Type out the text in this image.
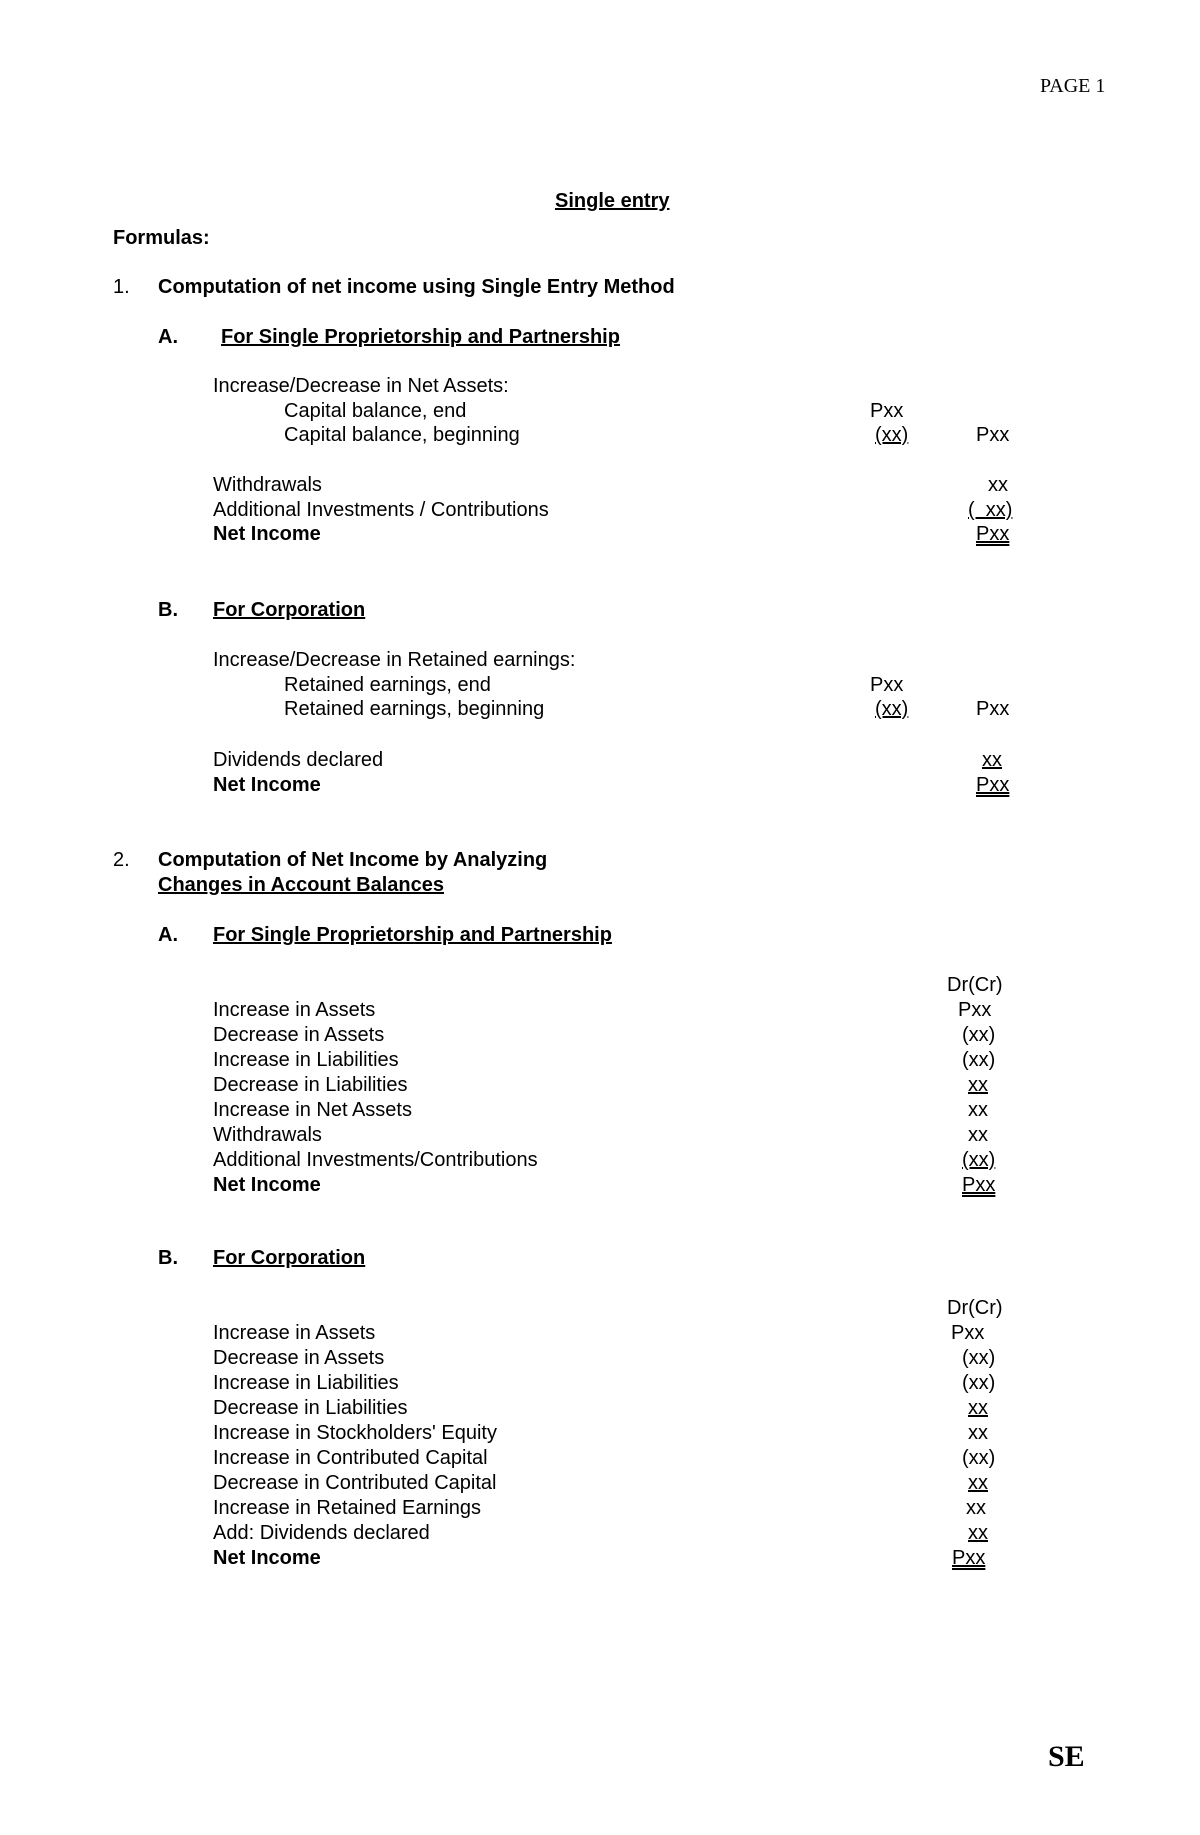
PAGE 1
Single entry
Formulas:
1. Computation of net income using Single Entry Method
A. For Single Proprietorship and Partnership
Increase/Decrease in Net Assets:
Capital balance, end	Pxx
Capital balance, beginning	(xx)	Pxx
Withdrawals	xx
Additional Investments / Contributions	(  xx)
Net Income	Pxx
B. For Corporation
Increase/Decrease in Retained earnings:
Retained earnings, end	Pxx
Retained earnings, beginning	(xx)	Pxx
Dividends declared	xx
Net Income	Pxx
2. Computation of Net Income by Analyzing
Changes in Account Balances
A. For Single Proprietorship and Partnership
Dr(Cr)
Increase in Assets	Pxx
Decrease in Assets	(xx)
Increase in Liabilities	(xx)
Decrease in Liabilities	xx
Increase in Net Assets	xx
Withdrawals	xx
Additional Investments/Contributions	(xx)
Net Income	Pxx
B. For Corporation
Dr(Cr)
Increase in Assets	Pxx
Decrease in Assets	(xx)
Increase in Liabilities	(xx)
Decrease in Liabilities	xx
Increase in Stockholders' Equity	xx
Increase in Contributed Capital	(xx)
Decrease in Contributed Capital	xx
Increase in Retained Earnings	xx
Add: Dividends declared	xx
Net Income	Pxx
SE
